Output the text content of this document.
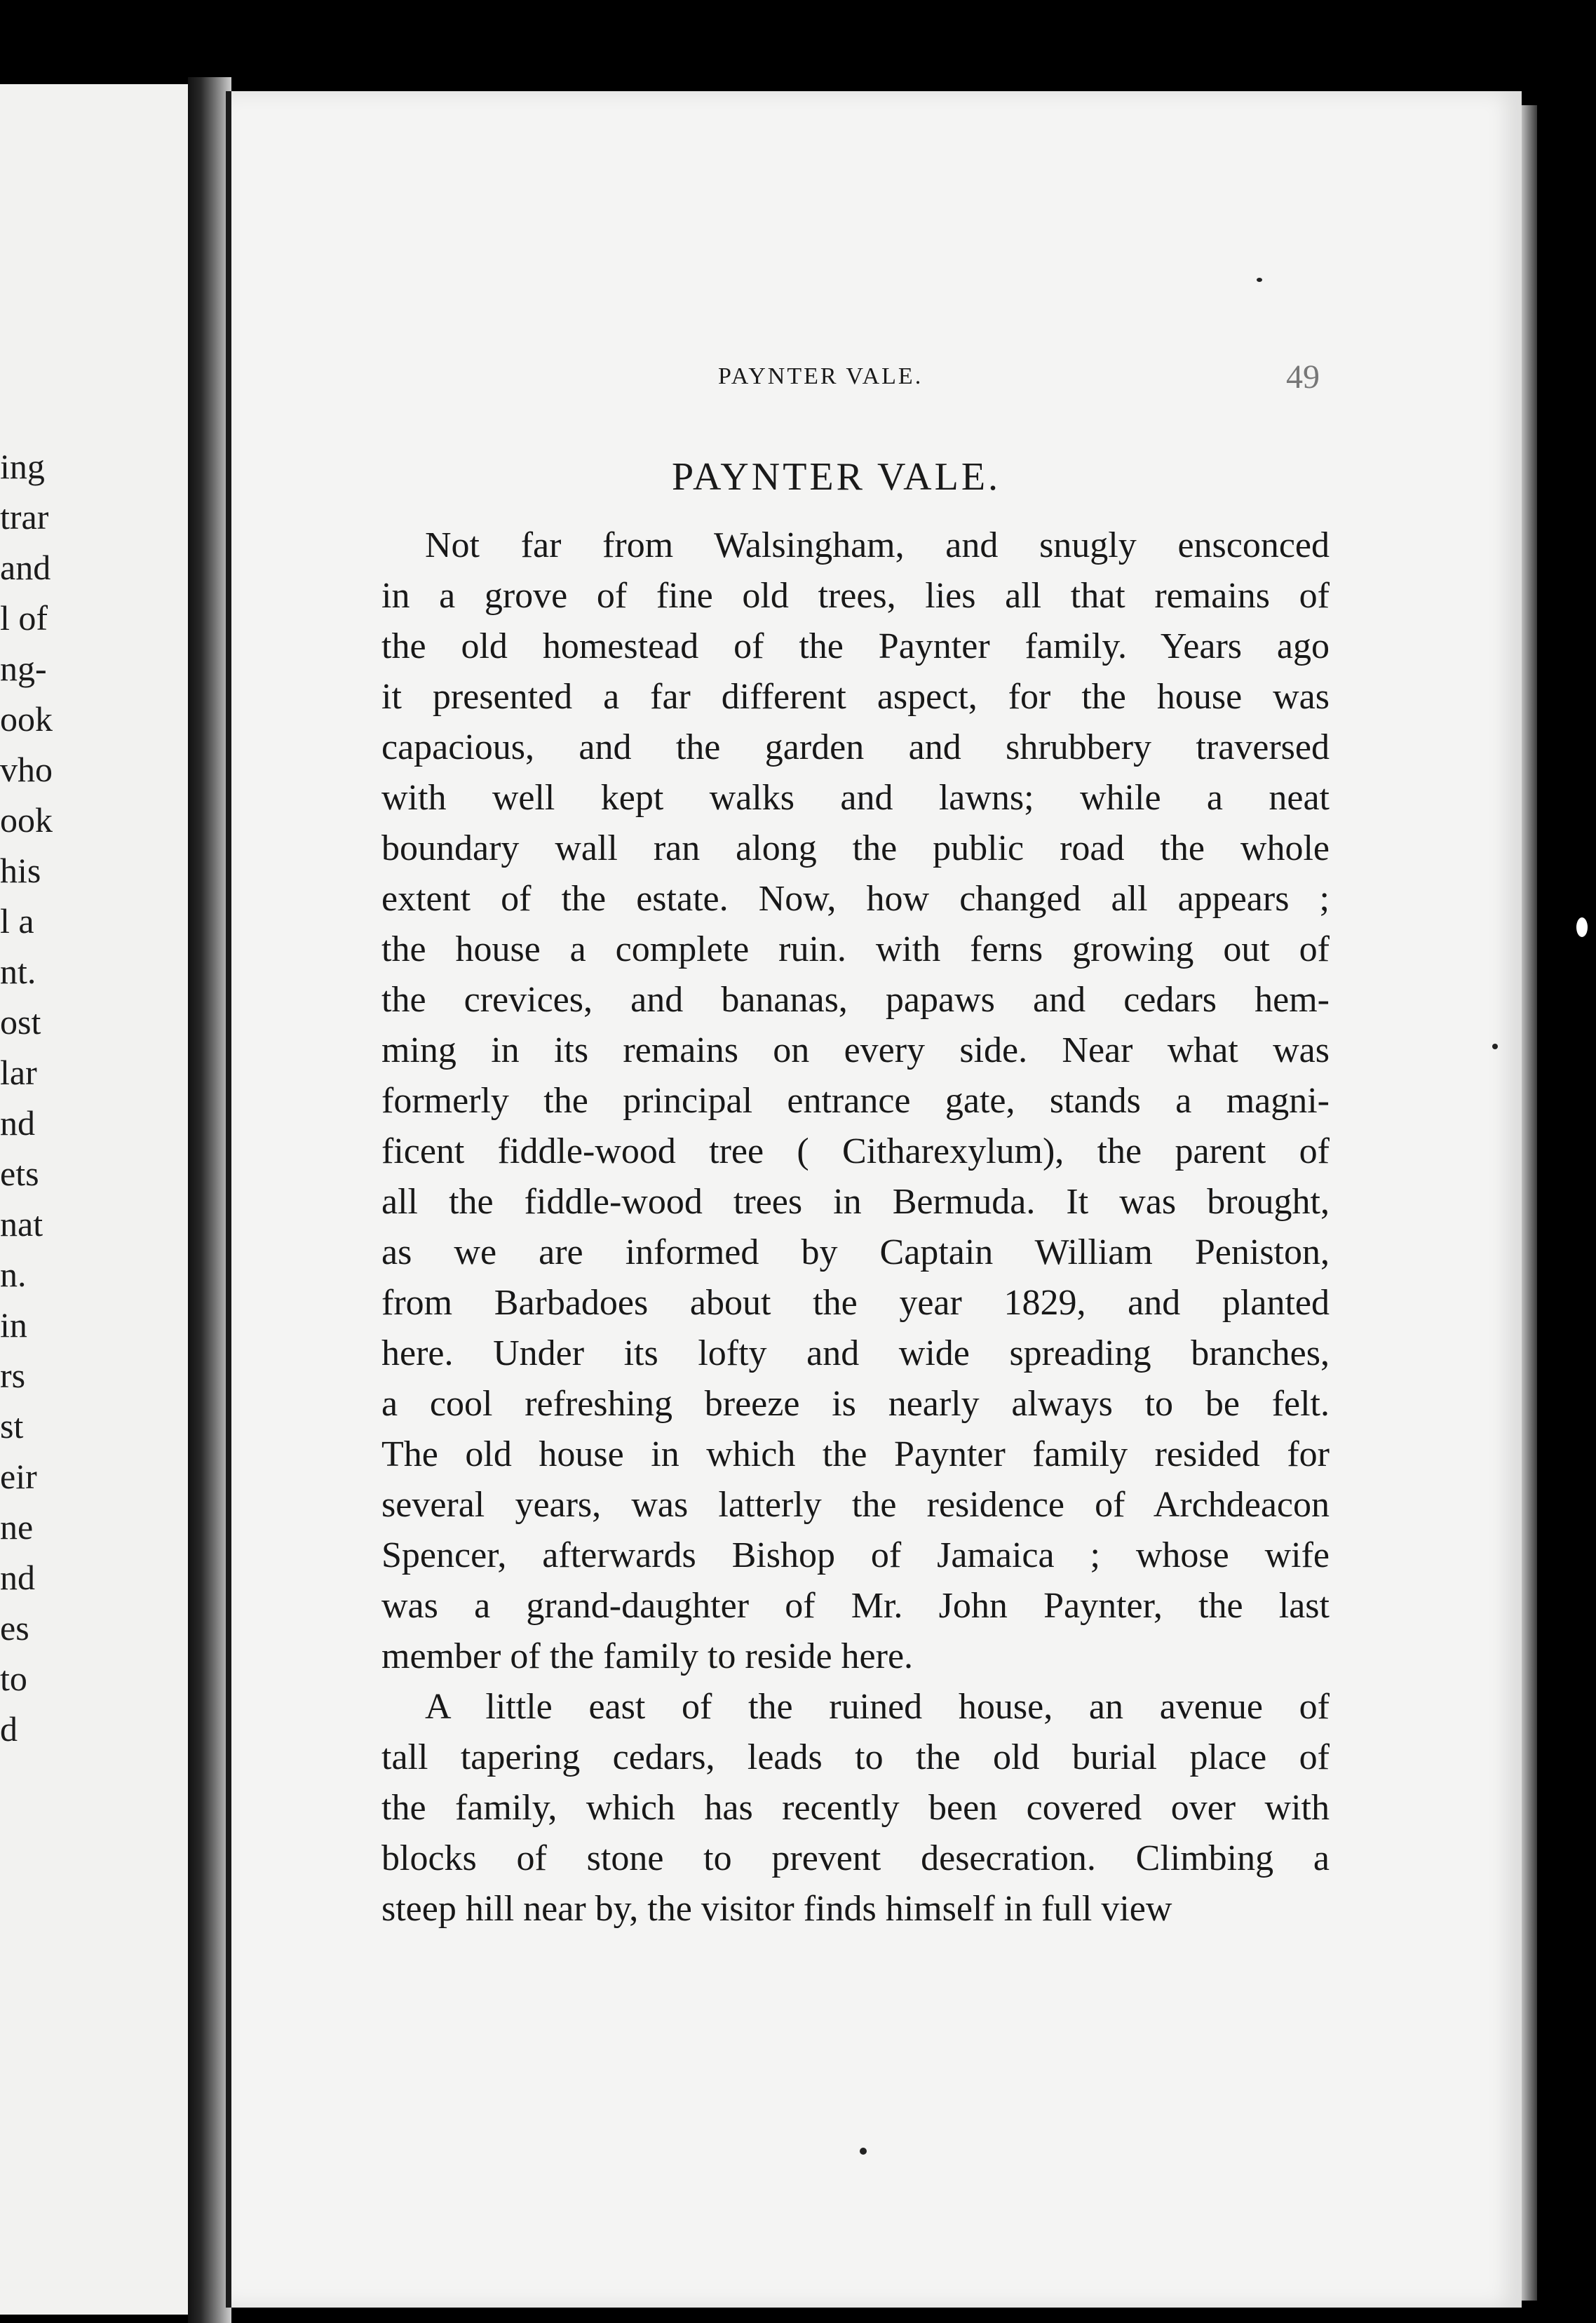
ing
trar
and
l of
ng-
ook
vho
ook
his
l a
nt.
ost
lar
nd
ets
nat
n.
in
rs
st
eir
ne
nd
es
to
d
PAYNTER VALE.	49
PAYNTER VALE.
Not far from Walsingham, and snugly ensconced
in a grove of fine old trees, lies all that remains of
the old homestead of the Paynter family. Years ago
it presented a far different aspect, for the house was
capacious, and the garden and shrubbery traversed
with well kept walks and lawns; while a neat
boundary wall ran along the public road the whole
extent of the estate. Now, how changed all appears ;
the house a complete ruin. with ferns growing out of
the crevices, and bananas, papaws and cedars hem-
ming in its remains on every side. Near what was
formerly the principal entrance gate, stands a magni-
ficent fiddle-wood tree ( Citharexylum), the parent of
all the fiddle-wood trees in Bermuda. It was brought,
as we are informed by Captain William Peniston,
from Barbadoes about the year 1829, and planted
here. Under its lofty and wide spreading branches,
a cool refreshing breeze is nearly always to be felt.
The old house in which the Paynter family resided for
several years, was latterly the residence of Archdeacon
Spencer, afterwards Bishop of Jamaica ; whose wife
was a grand-daughter of Mr. John Paynter, the last
member of the family to reside here.
A little east of the ruined house, an avenue of
tall tapering cedars, leads to the old burial place of
the family, which has recently been covered over with
blocks of stone to prevent desecration. Climbing a
steep hill near by, the visitor finds himself in full view
